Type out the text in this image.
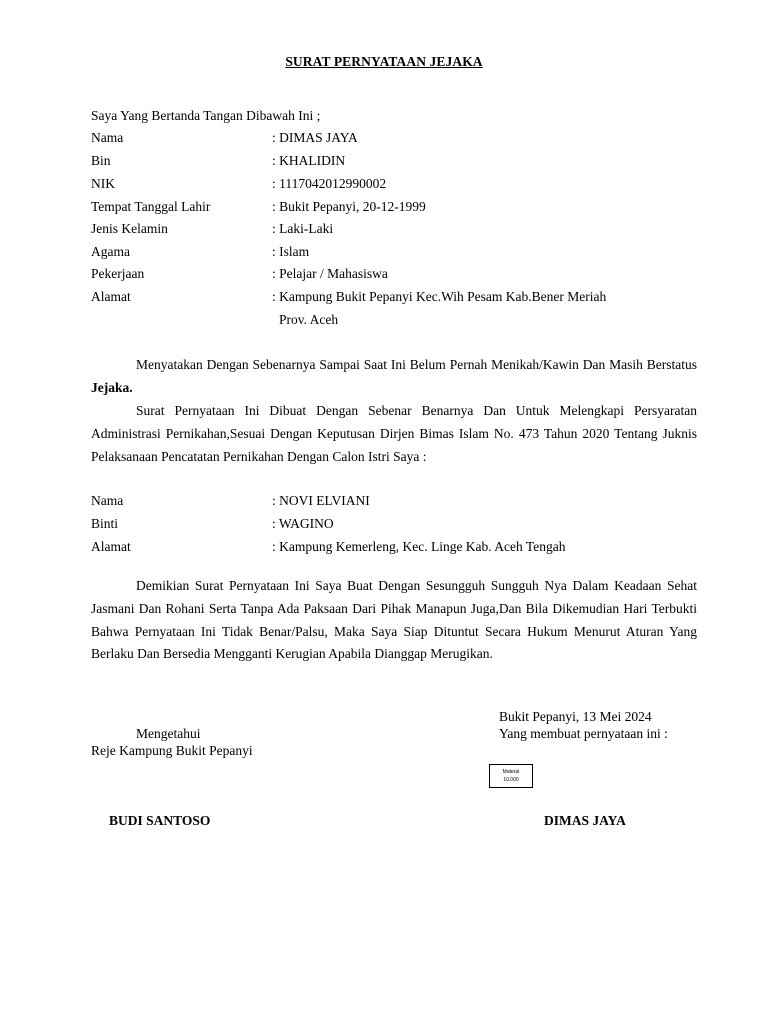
SURAT PERNYATAAN JEJAKA
Saya Yang Bertanda Tangan Dibawah Ini ;
Nama	: DIMAS JAYA
Bin	: KHALIDIN
NIK	: 1117042012990002
Tempat Tanggal Lahir	: Bukit Pepanyi, 20-12-1999
Jenis Kelamin	: Laki-Laki
Agama	: Islam
Pekerjaan	: Pelajar / Mahasiswa
Alamat	: Kampung Bukit Pepanyi Kec.Wih Pesam Kab.Bener Meriah
Prov. Aceh
Menyatakan Dengan Sebenarnya Sampai Saat Ini Belum Pernah Menikah/Kawin Dan Masih Berstatus Jejaka.
Surat Pernyataan Ini Dibuat Dengan Sebenar Benarnya Dan Untuk Melengkapi Persyaratan Administrasi Pernikahan,Sesuai Dengan Keputusan Dirjen Bimas Islam No. 473 Tahun 2020 Tentang Juknis Pelaksanaan Pencatatan Pernikahan Dengan Calon Istri Saya :
Nama	: NOVI ELVIANI
Binti	: WAGINO
Alamat	: Kampung Kemerleng, Kec. Linge Kab. Aceh Tengah
Demikian Surat Pernyataan Ini Saya Buat Dengan Sesungguh Sungguh Nya Dalam Keadaan Sehat Jasmani Dan Rohani Serta Tanpa Ada Paksaan Dari Pihak Manapun Juga,Dan Bila Dikemudian Hari Terbukti Bahwa Pernyataan Ini Tidak Benar/Palsu, Maka Saya Siap Dituntut Secara Hukum Menurut Aturan Yang Berlaku Dan Bersedia Mengganti Kerugian Apabila Dianggap Merugikan.
Bukit Pepanyi, 13 Mei 2024
Mengetahui	Yang membuat pernyataan ini :
Reje Kampung Bukit Pepanyi
Materai
10.000
BUDI SANTOSO	DIMAS JAYA
